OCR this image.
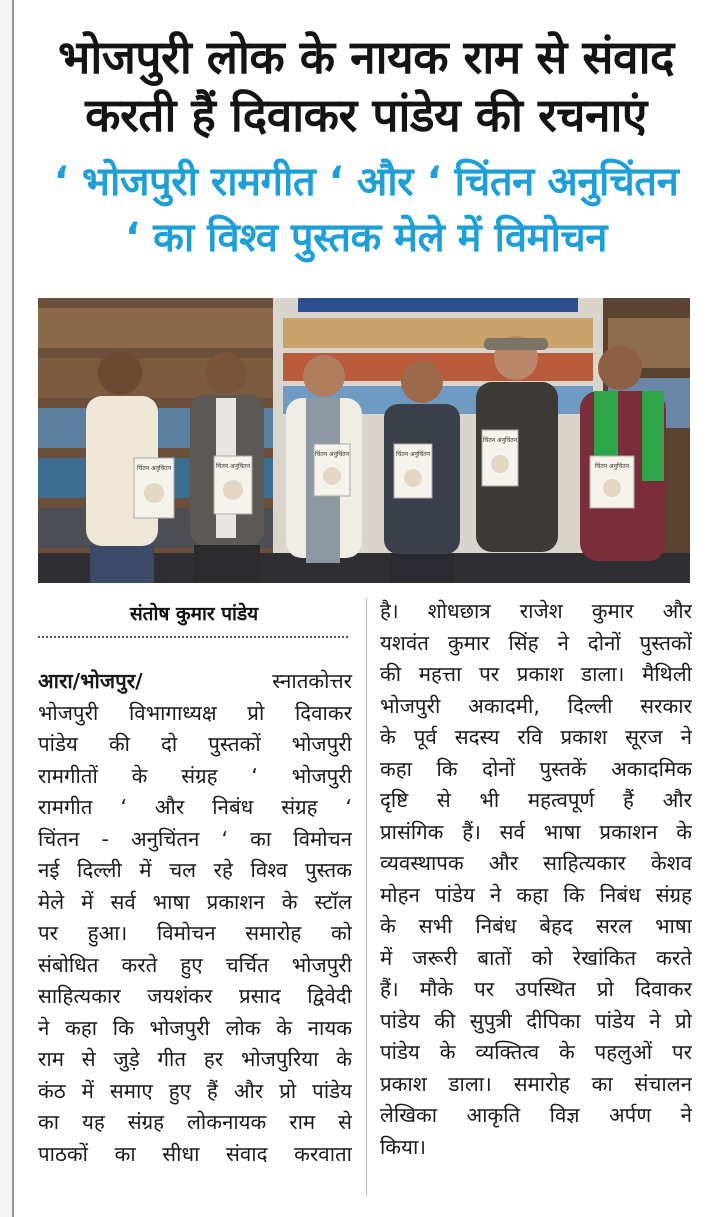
भोजपुरी लोक के नायक राम से संवाद
करती हैं दिवाकर पांडेय की रचनाएं
‘ भोजपुरी रामगीत ‘ और ‘ चिंतन अनुचिंतन
‘ का विश्व पुस्तक मेले में विमोचन
चिंतन अनुचिंतन	चिंतन अनुचिंतन
चिंतन अनुचिंतन	चिंतन अनुचिंतन
चिंतन अनुचिंतन
चिंतन अनुचिंतन
संतोष कुमार पांडेय
आरा/भोजपुर/	स्नातकोत्तर
भोजपुरी विभागाध्यक्ष प्रो दिवाकर
पांडेय की दो पुस्तकों भोजपुरी
रामगीतों के संग्रह ‘ भोजपुरी
रामगीत ‘ और निबंध संग्रह ‘
चिंतन - अनुचिंतन ‘ का विमोचन
नई दिल्ली में चल रहे विश्व पुस्तक
मेले में सर्व भाषा प्रकाशन के स्टॉल
पर हुआ। विमोचन समारोह को
संबोधित करते हुए चर्चित भोजपुरी
साहित्यकार जयशंकर प्रसाद द्विवेदी
ने कहा कि भोजपुरी लोक के नायक
राम से जुड़े गीत हर भोजपुरिया के
कंठ में समाए हुए हैं और प्रो पांडेय
का यह संग्रह लोकनायक राम से
पाठकों का सीधा संवाद करवाता
है। शोधछात्र राजेश कुमार और
यशवंत कुमार सिंह ने दोनों पुस्तकों
की महत्ता पर प्रकाश डाला। मैथिली
भोजपुरी अकादमी, दिल्ली सरकार
के पूर्व सदस्य रवि प्रकाश सूरज ने
कहा कि दोनों पुस्तकें अकादमिक
दृष्टि से भी महत्वपूर्ण हैं और
प्रासंगिक हैं। सर्व भाषा प्रकाशन के
व्यवस्थापक और साहित्यकार केशव
मोहन पांडेय ने कहा कि निबंध संग्रह
के सभी निबंध बेहद सरल भाषा
में जरूरी बातों को रेखांकित करते
हैं। मौके पर उपस्थित प्रो दिवाकर
पांडेय की सुपुत्री दीपिका पांडेय ने प्रो
पांडेय के व्यक्तित्व के पहलुओं पर
प्रकाश डाला। समारोह का संचालन
लेखिका आकृति विज्ञ अर्पण ने
किया।
